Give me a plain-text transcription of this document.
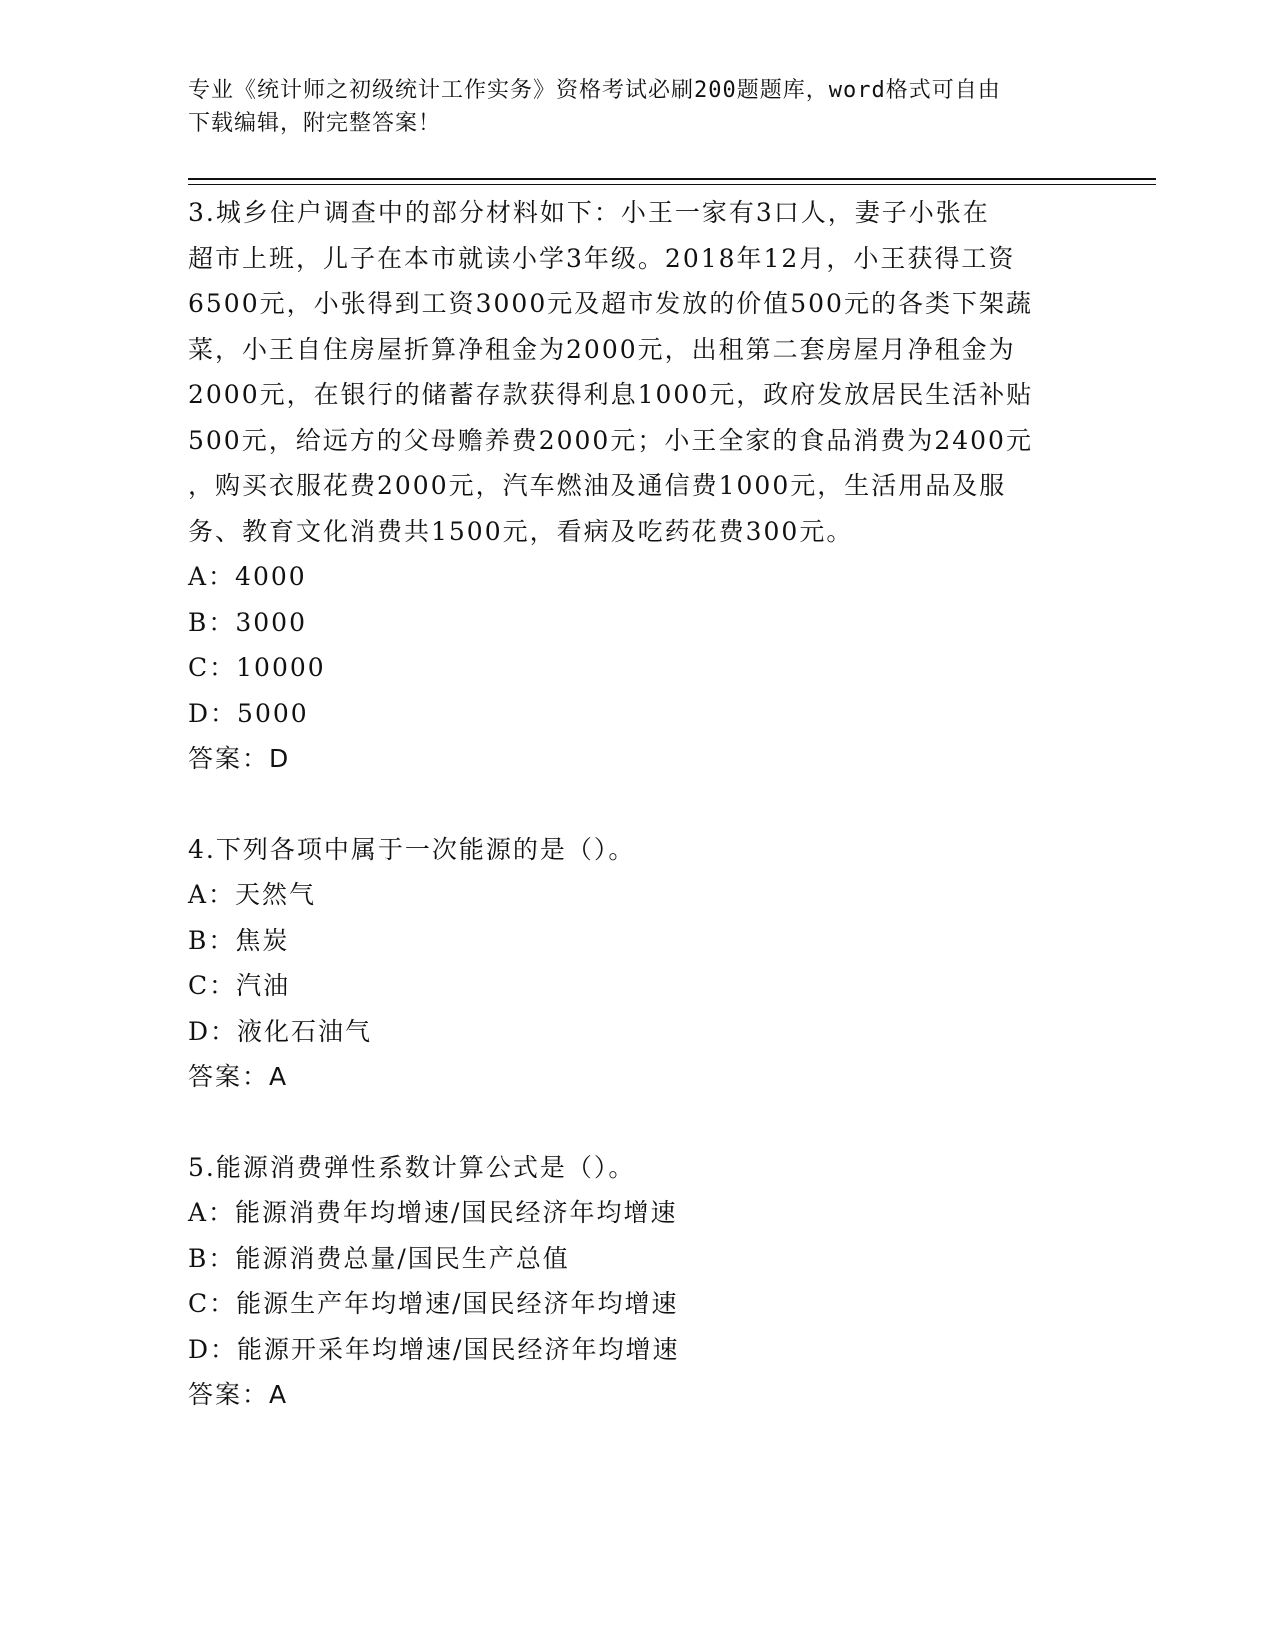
专业《统计师之初级统计工作实务》资格考试必刷200题题库，word格式可自由
下载编辑，附完整答案！
3.城乡住户调查中的部分材料如下：小王一家有3口人，妻子小张在
超市上班，儿子在本市就读小学3年级。2018年12月，小王获得工资
6500元，小张得到工资3000元及超市发放的价值500元的各类下架蔬
菜，小王自住房屋折算净租金为2000元，出租第二套房屋月净租金为
2000元，在银行的储蓄存款获得利息1000元，政府发放居民生活补贴
500元，给远方的父母赡养费2000元；小王全家的食品消费为2400元
，购买衣服花费2000元，汽车燃油及通信费1000元，生活用品及服
务、教育文化消费共1500元，看病及吃药花费300元。
A：4000
B：3000
C：10000
D：5000
答案：D
4.下列各项中属于一次能源的是（）。
A：天然气
B：焦炭
C：汽油
D：液化石油气
答案：A
5.能源消费弹性系数计算公式是（）。
A：能源消费年均增速/国民经济年均增速
B：能源消费总量/国民生产总值
C：能源生产年均增速/国民经济年均增速
D：能源开采年均增速/国民经济年均增速
答案：A
